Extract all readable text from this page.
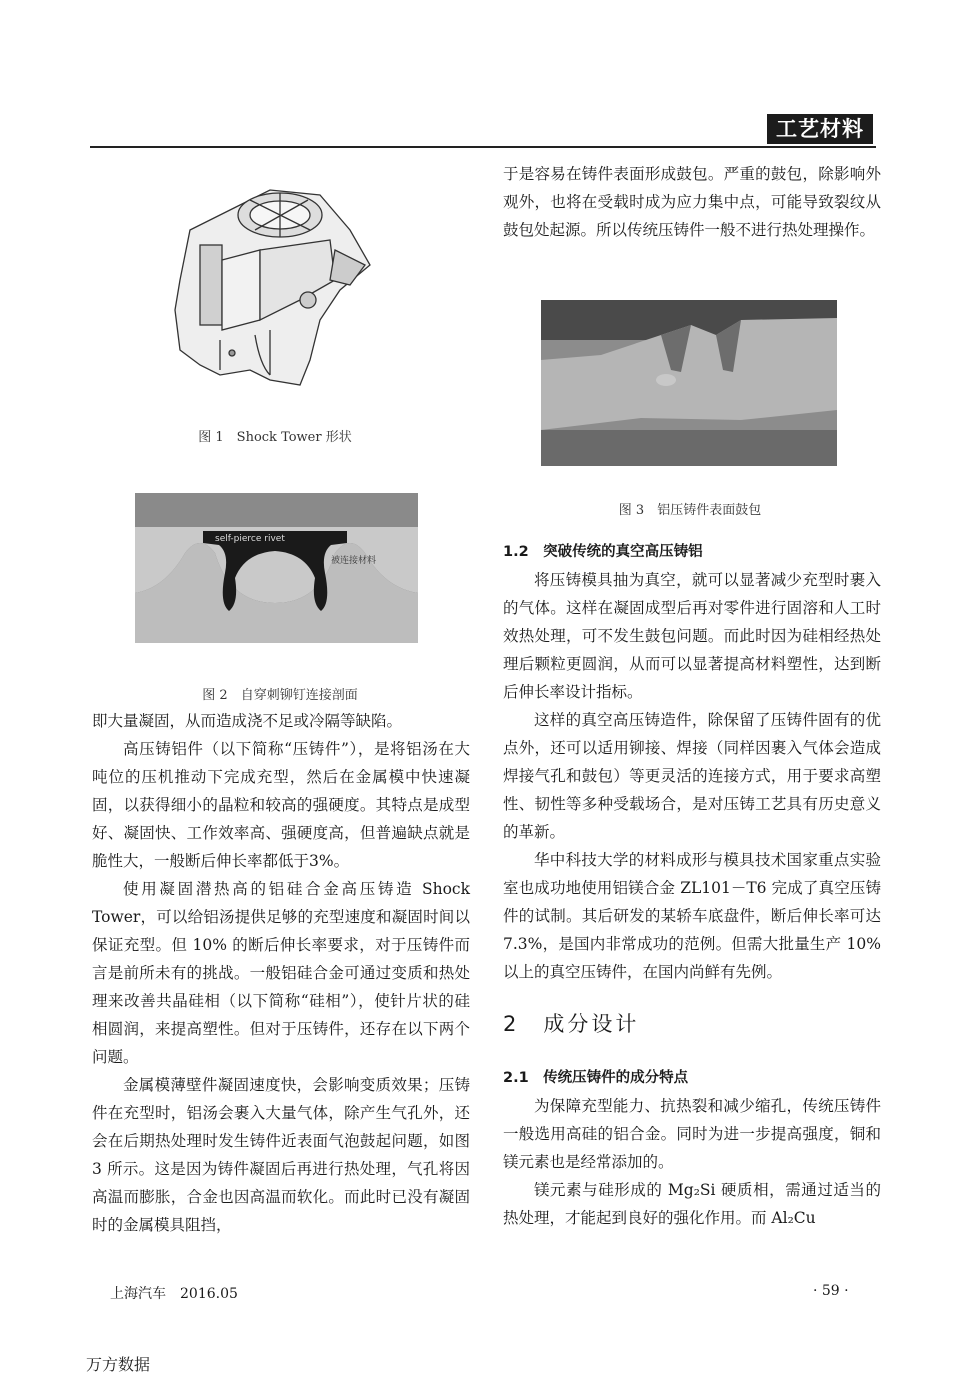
工艺材料
图 1　Shock Tower 形状
self-pierce rivet
被连接材料
图 2　自穿刺铆钉连接剖面
图 3　铝压铸件表面鼓包

即大量凝固，从而造成浇不足或冷隔等缺陷。

高压铸铝件（以下简称“压铸件”），是将铝汤在大吨位的压机推动下完成充型，然后在金属模中快速凝固，以获得细小的晶粒和较高的强硬度。其特点是成型好、凝固快、工作效率高、强硬度高，但普遍缺点就是脆性大，一般断后伸长率都低于3%。

使用凝固潜热高的铝硅合金高压铸造 Shock Tower，可以给铝汤提供足够的充型速度和凝固时间以保证充型。但 10% 的断后伸长率要求，对于压铸件而言是前所未有的挑战。一般铝硅合金可通过变质和热处理来改善共晶硅相（以下简称“硅相”），使针片状的硅相圆润，来提高塑性。但对于压铸件，还存在以下两个问题。

金属模薄壁件凝固速度快，会影响变质效果；压铸件在充型时，铝汤会裹入大量气体，除产生气孔外，还会在后期热处理时发生铸件近表面气泡鼓起问题，如图 3 所示。这是因为铸件凝固后再进行热处理，气孔将因高温而膨胀，合金也因高温而软化。而此时已没有凝固时的金属模具阻挡，

于是容易在铸件表面形成鼓包。严重的鼓包，除影响外观外，也将在受载时成为应力集中点，可能导致裂纹从鼓包处起源。所以传统压铸件一般不进行热处理操作。

1.2　突破传统的真空高压铸铝

将压铸模具抽为真空，就可以显著减少充型时裹入的气体。这样在凝固成型后再对零件进行固溶和人工时效热处理，可不发生鼓包问题。而此时因为硅相经热处理后颗粒更圆润，从而可以显著提高材料塑性，达到断后伸长率设计指标。

这样的真空高压铸造件，除保留了压铸件固有的优点外，还可以适用铆接、焊接（同样因裹入气体会造成焊接气孔和鼓包）等更灵活的连接方式，用于要求高塑性、韧性等多种受载场合，是对压铸工艺具有历史意义的革新。

华中科技大学的材料成形与模具技术国家重点实验室也成功地使用铝镁合金 ZL101－T6 完成了真空压铸件的试制。其后研发的某轿车底盘件，断后伸长率可达 7.3%，是国内非常成功的范例。但需大批量生产 10% 以上的真空压铸件，在国内尚鲜有先例。

2　成分设计
2.1　传统压铸件的成分特点

为保障充型能力、抗热裂和减少缩孔，传统压铸件一般选用高硅的铝合金。同时为进一步提高强度，铜和镁元素也是经常添加的。

镁元素与硅形成的 Mg₂Si 硬质相，需通过适当的热处理，才能起到良好的强化作用。而 Al₂Cu

上海汽车　2016.05	· 59 ·
万方数据
